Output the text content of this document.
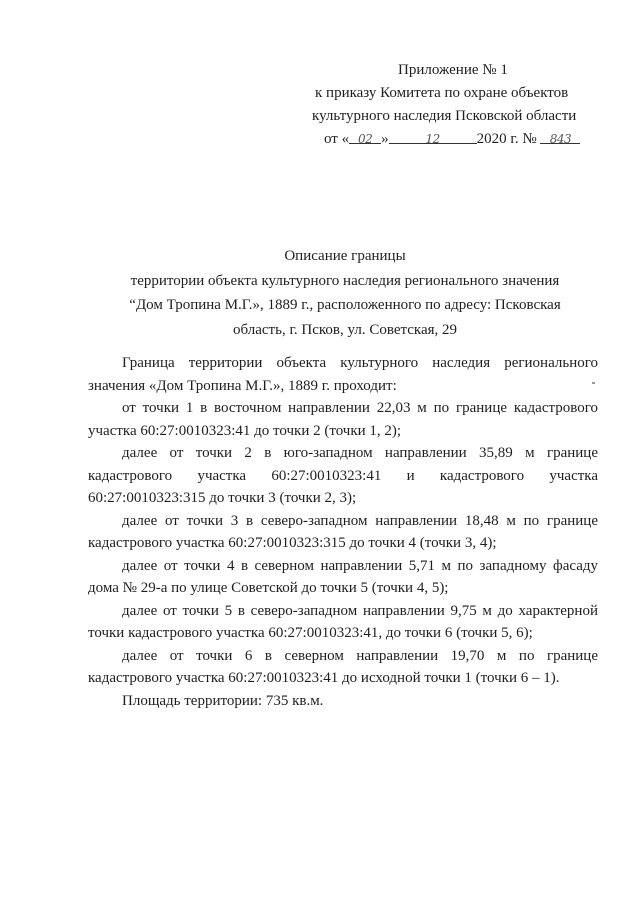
Приложение № 1
к приказу Комитета по охране объектов
культурного наследия Псковской области
от « 02 »	12 2020 г. № 843
Описание границы
территории объекта культурного наследия регионального значения
“Дом Тропина М.Г.», 1889 г., расположенного по адресу: Псковская
область, г. Псков, ул. Советская, 29

Граница территории объекта культурного наследия регионального значения «Дом Тропина М.Г.», 1889 г. проходит:

от точки 1 в восточном направлении 22,03 м по границе кадастрового участка 60:27:0010323:41 до точки 2 (точки 1, 2);

далее от точки 2 в юго-западном направлении 35,89 м границе кадастрового участка 60:27:0010323:41 и кадастрового участка 60:27:0010323:315 до точки 3 (точки 2, 3);

далее от точки 3 в северо-западном направлении 18,48 м по границе кадастрового участка 60:27:0010323:315 до точки 4 (точки 3, 4);

далее от точки 4 в северном направлении 5,71 м по западному фасаду дома № 29-а по улице Советской до точки 5 (точки 4, 5);

далее от точки 5 в северо-западном направлении 9,75 м до характерной точки кадастрового участка 60:27:0010323:41, до точки 6 (точки 5, 6);

далее от точки 6 в северном направлении 19,70 м по границе кадастрового участка 60:27:0010323:41 до исходной точки 1 (точки 6 – 1).

Площадь территории: 735 кв.м.
